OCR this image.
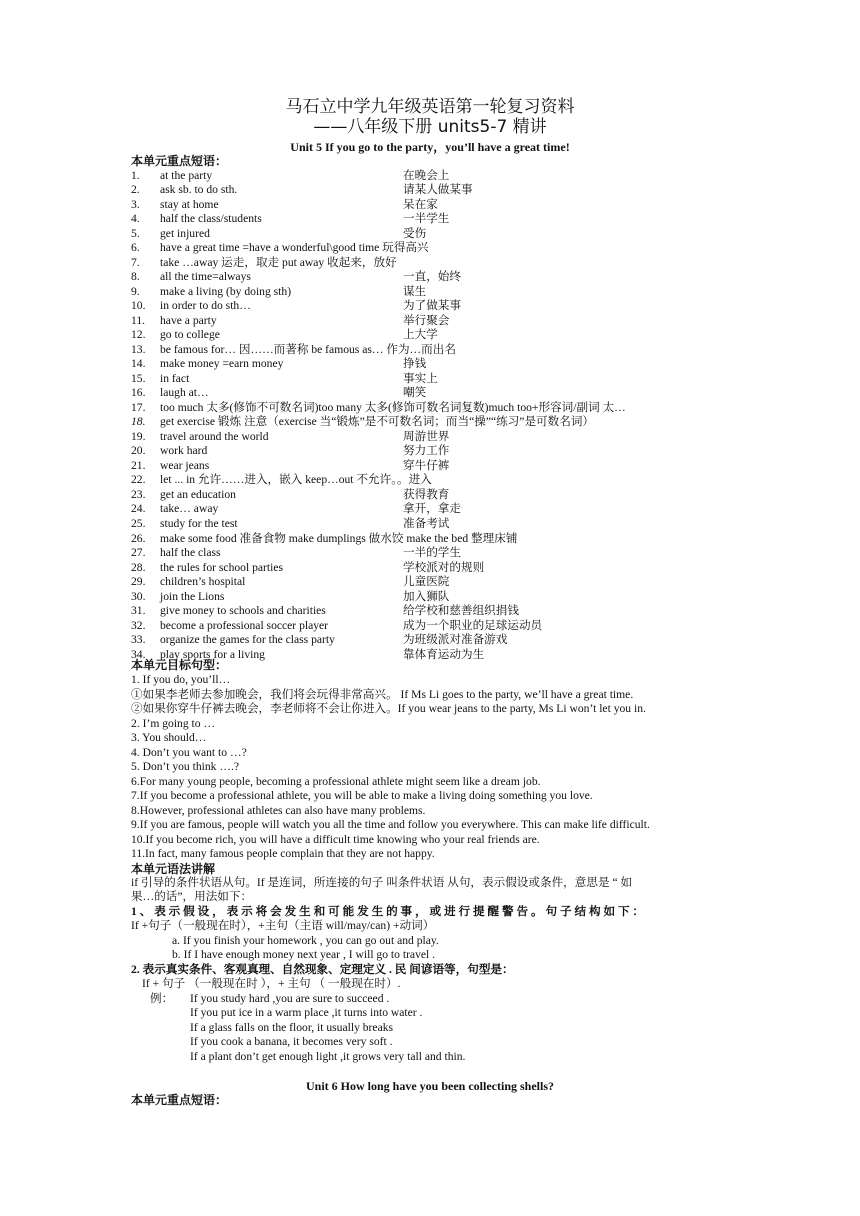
马石立中学九年级英语第一轮复习资料
——八年级下册 units5-7 精讲
Unit 5 If you go to the party，you’ll have a great time!
本单元重点短语：
1. at the party	在晚会上
2. ask sb. to do sth.	请某人做某事
3. stay at home	呆在家
4. half the class/students	一半学生
5. get injured	受伤
6. have a great time =have a wonderful\good time 玩得高兴
7. take …away 运走，取走 put away 收起来，放好
8. all the time=always	一直，始终
9. make a living (by doing sth)	谋生
10. in order to do sth…	为了做某事
11. have a party	举行聚会
12. go to college	上大学
13. be famous for… 因……而著称 be famous as… 作为…而出名
14. make money =earn money	挣钱
15. in fact	事实上
16. laugh at…	嘲笑
17. too much 太多(修饰不可数名词)too many 太多(修饰可数名词复数)much too+形容词/副词 太…
18. get exercise 锻炼 注意（exercise 当“锻炼”是不可数名词；而当“操”“练习”是可数名词）
19. travel around the world	周游世界
20. work hard	努力工作
21. wear jeans	穿牛仔裤
22. let ... in 允许……进入，嵌入 keep…out 不允许。。进入
23. get an education	获得教育
24. take… away	拿开，拿走
25. study for the test	准备考试
26. make some food 准备食物 make dumplings 做水饺 make the bed 整理床铺
27. half the class	一半的学生
28. the rules for school parties	学校派对的规则
29. children’s hospital	儿童医院
30. join the Lions	加入狮队
31. give money to schools and charities	给学校和慈善组织捐钱
32. become a professional soccer player	成为一个职业的足球运动员
33. organize the games for the class party	为班级派对准备游戏
34. play sports for a living	靠体育运动为生
本单元目标句型：
1. If you do, you’ll…
①如果李老师去参加晚会，我们将会玩得非常高兴。 If Ms Li goes to the party, we’ll have a great time.
②如果你穿牛仔裤去晚会，李老师将不会让你进入。If you wear jeans to the party, Ms Li won’t let you in.
2. I’m going to …
3. You should…
4. Don’t you want to …?
5. Don’t you think ….?
6.For many young people, becoming a professional athlete might seem like a dream job.
7.If you become a professional athlete, you will be able to make a living doing something you love.
8.However, professional athletes can also have many problems.
9.If you are famous, people will watch you all the time and follow you everywhere. This can make life difficult.
10.If you become rich, you will have a difficult time knowing who your real friends are.
11.In fact, many famous people complain that they are not happy.
本单元语法讲解
if 引导的条件状语从句。If 是连词，所连接的句子 叫条件状语 从句，表示假设或条件，意思是 “ 如
果…的话”，用法如下：
1 、 表 示 假 设 ， 表 示 将 会 发 生 和 可 能 发 生 的 事 ， 或 进 行 提 醒 警 告 。 句 子 结 构 如 下 ：
If +句子（一般现在时），+主句（主语 will/may/can) +动词）
a. If you finish your homework , you can go out and play.
b. If I have enough money next year , I will go to travel .
2. 表示真实条件、客观真理、自然现象、定理定义 . 民 间谚语等，句型是：
If + 句子 （一般现在时 ），+ 主句 （ 一般现在时）.
例： If you study hard ,you are sure to succeed .
If you put ice in a warm place ,it turns into water .
If a glass falls on the floor, it usually breaks
If you cook a banana, it becomes very soft .
If a plant don’t get enough light ,it grows very tall and thin.
Unit 6 How long have you been collecting shells?
本单元重点短语：
